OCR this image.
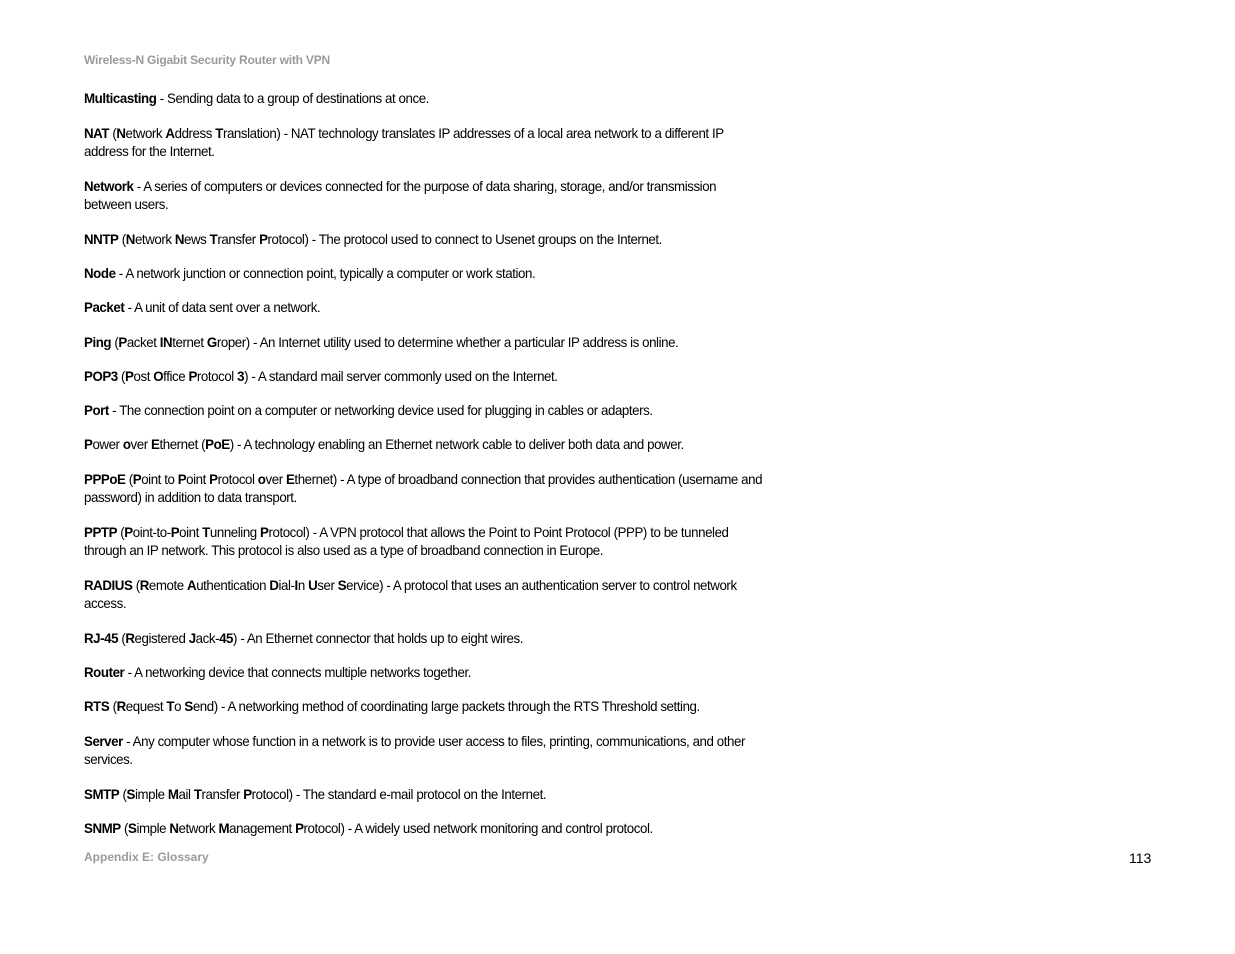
Wireless-N Gigabit Security Router with VPN
Multicasting - Sending data to a group of destinations at once.
NAT (Network Address Translation) - NAT technology translates IP addresses of a local area network to a different IP address for the Internet.
Network - A series of computers or devices connected for the purpose of data sharing, storage, and/or transmission between users.
NNTP (Network News Transfer Protocol) - The protocol used to connect to Usenet groups on the Internet.
Node - A network junction or connection point, typically a computer or work station.
Packet - A unit of data sent over a network.
Ping (Packet INternet Groper) - An Internet utility used to determine whether a particular IP address is online.
POP3 (Post Office Protocol 3) - A standard mail server commonly used on the Internet.
Port - The connection point on a computer or networking device used for plugging in cables or adapters.
Power over Ethernet (PoE) - A technology enabling an Ethernet network cable to deliver both data and power.
PPPoE (Point to Point Protocol over Ethernet) - A type of broadband connection that provides authentication (username and password) in addition to data transport.
PPTP (Point-to-Point Tunneling Protocol) - A VPN protocol that allows the Point to Point Protocol (PPP) to be tunneled through an IP network. This protocol is also used as a type of broadband connection in Europe.
RADIUS (Remote Authentication Dial-In User Service) - A protocol that uses an authentication server to control network access.
RJ-45 (Registered Jack-45) - An Ethernet connector that holds up to eight wires.
Router - A networking device that connects multiple networks together.
RTS (Request To Send) - A networking method of coordinating large packets through the RTS Threshold setting.
Server - Any computer whose function in a network is to provide user access to files, printing, communications, and other services.
SMTP (Simple Mail Transfer Protocol) - The standard e-mail protocol on the Internet.
SNMP (Simple Network Management Protocol) - A widely used network monitoring and control protocol.
Appendix E: Glossary	113
